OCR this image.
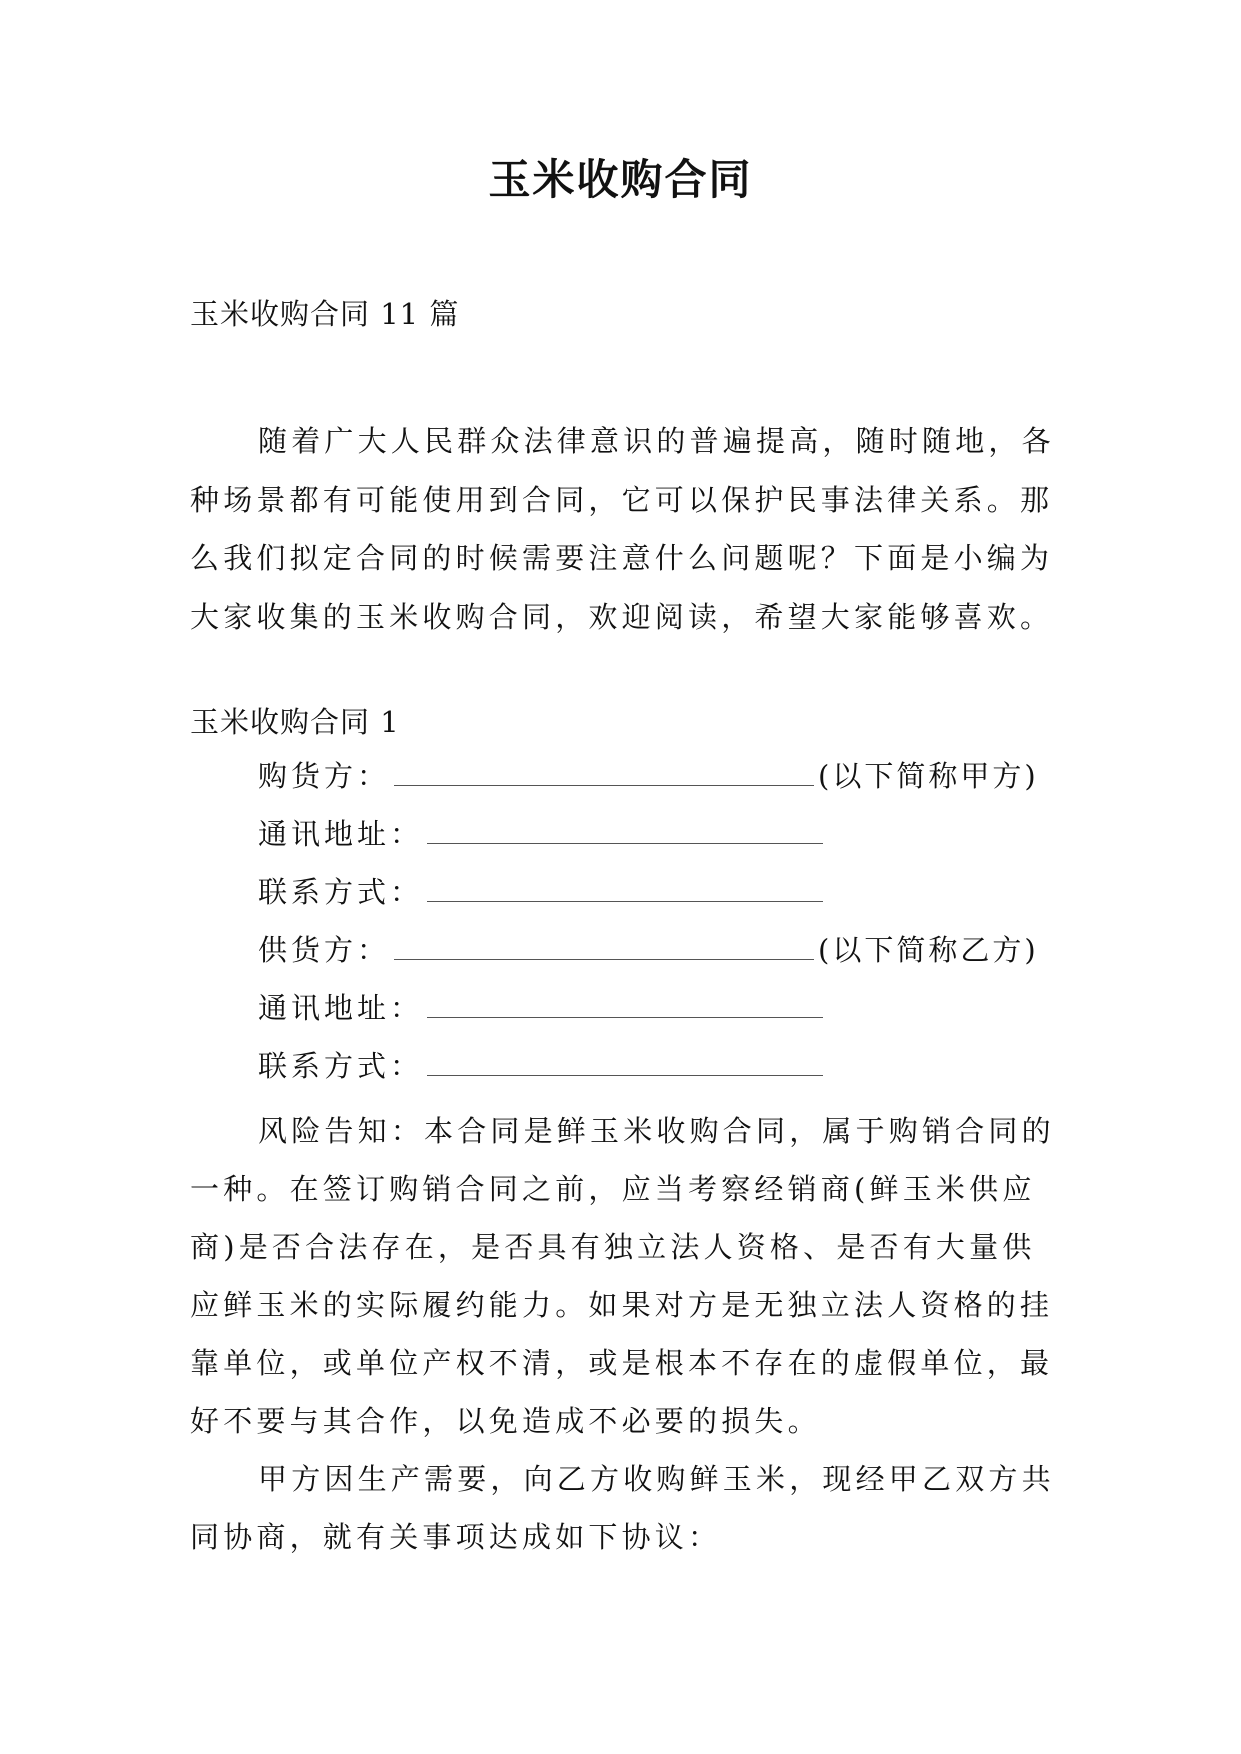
玉米收购合同
玉米收购合同 11 篇

随着广大人民群众法律意识的普遍提高，随时随地，各种场景都有可能使用到合同，它可以保护民事法律关系。那么我们拟定合同的时候需要注意什么问题呢？下面是小编为大家收集的玉米收购合同，欢迎阅读，希望大家能够喜欢。

玉米收购合同 1
购货方：	(以下简称甲方)
通讯地址：
联系方式：
供货方：	(以下简称乙方)
通讯地址：
联系方式：

风险告知：本合同是鲜玉米收购合同，属于购销合同的一种。在签订购销合同之前，应当考察经销商(鲜玉米供应商)是否合法存在，是否具有独立法人资格、是否有大量供应鲜玉米的实际履约能力。如果对方是无独立法人资格的挂靠单位，或单位产权不清，或是根本不存在的虚假单位，最好不要与其合作，以免造成不必要的损失。

甲方因生产需要，向乙方收购鲜玉米，现经甲乙双方共同协商，就有关事项达成如下协议：
